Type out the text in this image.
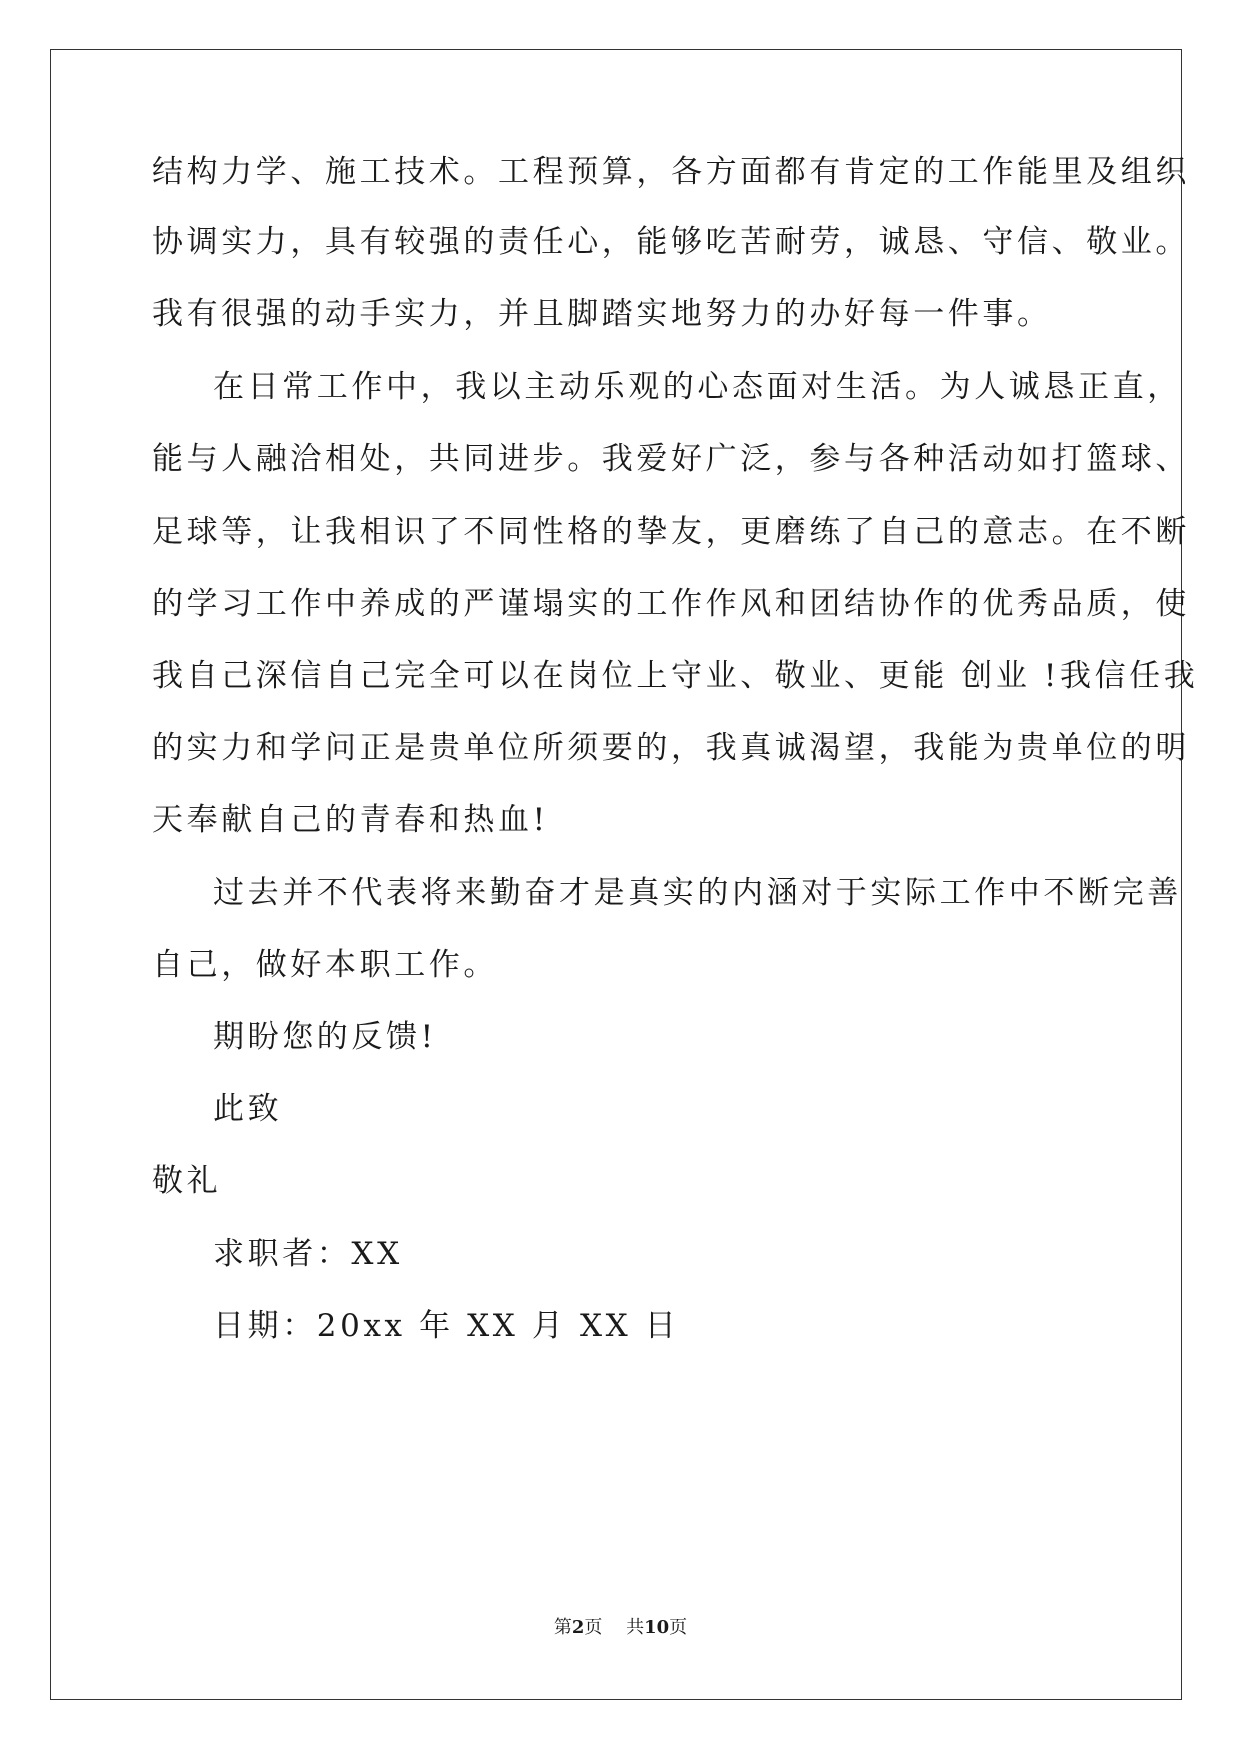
结构力学、施工技术。工程预算，各方面都有肯定的工作能里及组织
协调实力，具有较强的责任心，能够吃苦耐劳，诚恳、守信、敬业。
我有很强的动手实力，并且脚踏实地努力的办好每一件事。
在日常工作中，我以主动乐观的心态面对生活。为人诚恳正直，
能与人融洽相处，共同进步。我爱好广泛，参与各种活动如打篮球、
足球等，让我相识了不同性格的挚友，更磨练了自己的意志。在不断
的学习工作中养成的严谨塌实的工作作风和团结协作的优秀品质，使
我自己深信自己完全可以在岗位上守业、敬业、更能 创业 !我信任我
的实力和学问正是贵单位所须要的，我真诚渴望，我能为贵单位的明
天奉献自己的青春和热血!
过去并不代表将来勤奋才是真实的内涵对于实际工作中不断完善
自己，做好本职工作。
期盼您的反馈!
此致
敬礼
求职者：XX
日期：20xx 年 XX 月 XX 日
第2页 共10页
